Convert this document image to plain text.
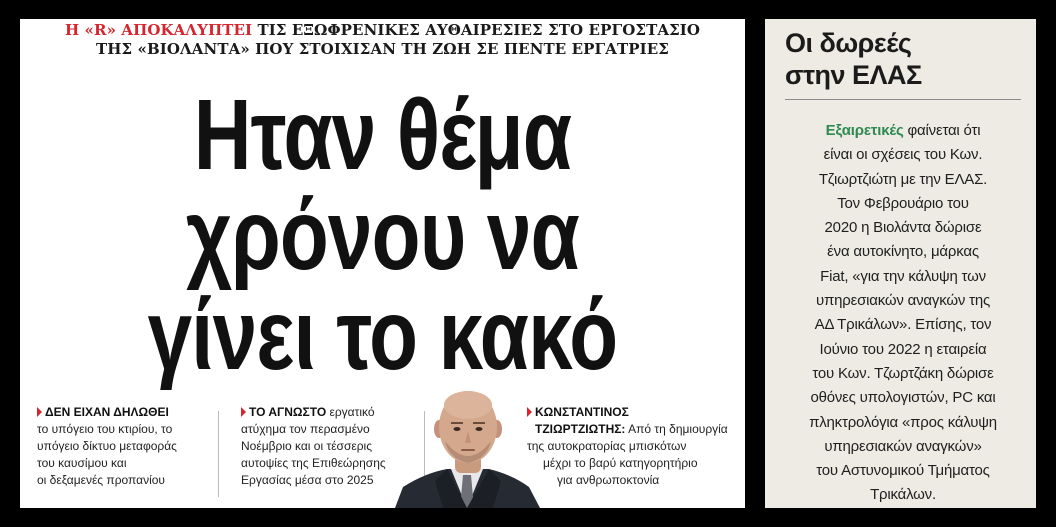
Η «R» ΑΠΟΚΑΛΥΠΤΕΙ ΤΙΣ ΕΞΩΦΡΕΝΙΚΕΣ ΑΥΘΑΙΡΕΣΙΕΣ ΣΤΟ ΕΡΓΟΣΤΑΣΙΟ
ΤΗΣ «ΒΙΟΛΑΝΤΑ» ΠΟΥ ΣΤΟΙΧΙΣΑΝ ΤΗ ΖΩΗ ΣΕ ΠΕΝΤΕ ΕΡΓΑΤΡΙΕΣ
Ηταν θέμα
χρόνου να
γίνει το κακό
ΔΕΝ ΕΙΧΑΝ ΔΗΛΩΘΕΙ
το υπόγειο του κτιρίου, το
υπόγειο δίκτυο μεταφοράς
του καυσίμου και
οι δεξαμενές προπανίου
ΤΟ ΑΓΝΩΣΤΟ εργατικό
ατύχημα τον περασμένο
Νοέμβριο και οι τέσσερις
αυτοψίες της Επιθεώρησης
Εργασίας μέσα στο 2025
ΚΩΝΣΤΑΝΤΙΝΟΣ
ΤΖΙΩΡΤΖΙΩΤΗΣ: Από τη δημιουργία
της αυτοκρατορίας μπισκότων
μέχρι το βαρύ κατηγορητήριο
για ανθρωποκτονία
Οι δωρεές
στην ΕΛΑΣ
Εξαιρετικές φαίνεται ότι
είναι οι σχέσεις του Κων.
Τζιωρτζιώτη με την ΕΛΑΣ.
Τον Φεβρουάριο του
2020 η Βιολάντα δώρισε
ένα αυτοκίνητο, μάρκας
Fiat, «για την κάλυψη των
υπηρεσιακών αναγκών της
ΑΔ Τρικάλων». Επίσης, τον
Ιούνιο του 2022 η εταιρεία
του Κων. Τζωρτζάκη δώρισε
οθόνες υπολογιστών, PC και
πληκτρολόγια «προς κάλυψη
υπηρεσιακών αναγκών»
του Αστυνομικού Τμήματος
Τρικάλων.
